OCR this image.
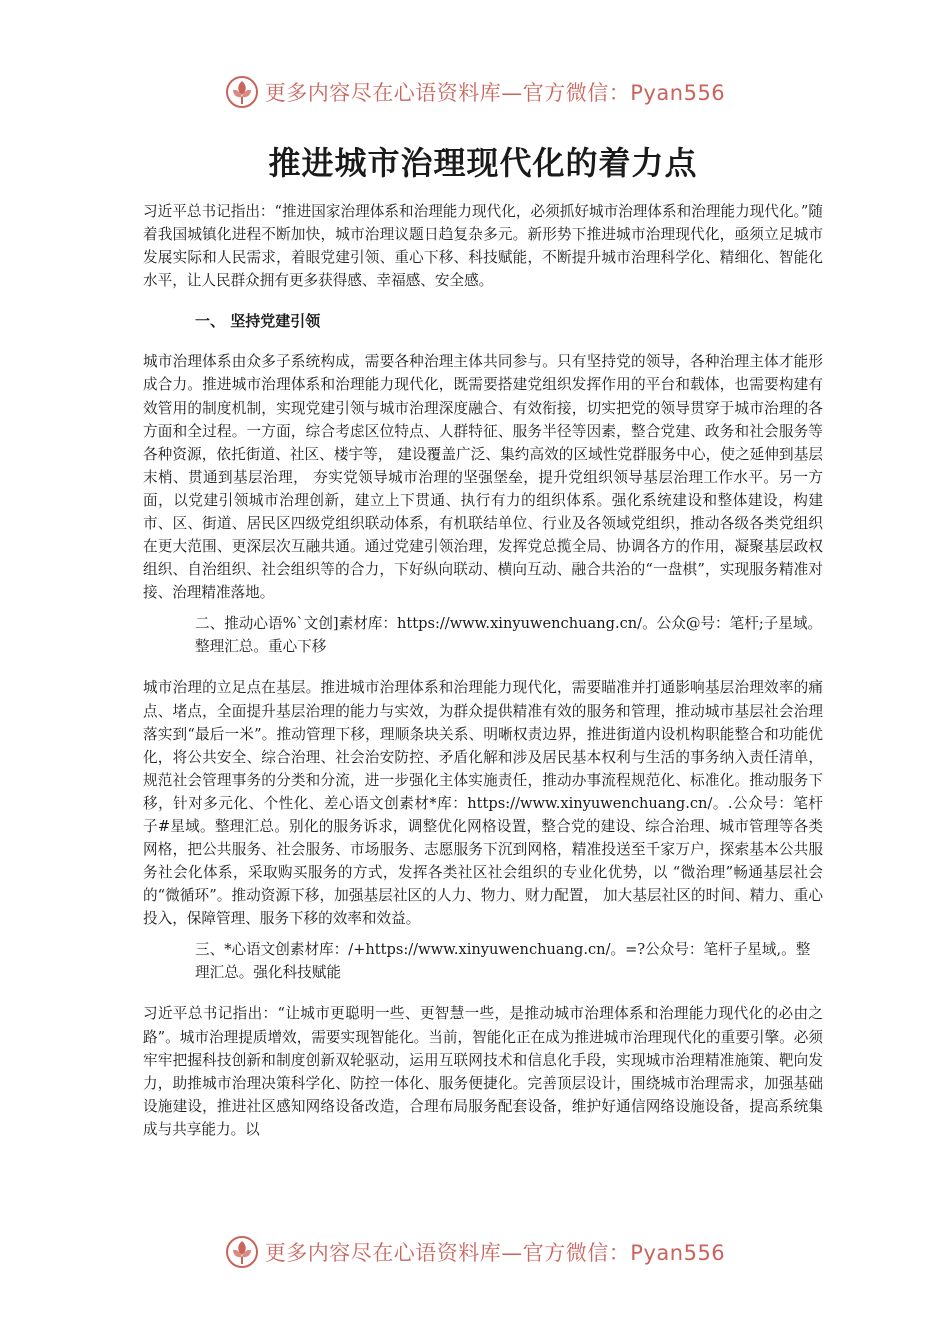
更多内容尽在心语资料库—官方微信：Pyan556
推进城市治理现代化的着力点

习近平总书记指出：“推进国家治理体系和治理能力现代化，必须抓好城市治理体系和治理能力现代化。”随着我国城镇化进程不断加快，城市治理议题日趋复杂多元。新形势下推进城市治理现代化，亟须立足城市发展实际和人民需求，着眼党建引领、重心下移、科技赋能，不断提升城市治理科学化、精细化、智能化水平，让人民群众拥有更多获得感、幸福感、安全感。

一、 坚持党建引领

城市治理体系由众多子系统构成，需要各种治理主体共同参与。只有坚持党的领导，各种治理主体才能形成合力。推进城市治理体系和治理能力现代化，既需要搭建党组织发挥作用的平台和载体，也需要构建有效管用的制度机制，实现党建引领与城市治理深度融合、有效衔接，切实把党的领导贯穿于城市治理的各方面和全过程。一方面，综合考虑区位特点、人群特征、服务半径等因素，整合党建、政务和社会服务等各种资源，依托街道、社区、楼宇等， 建设覆盖广泛、集约高效的区域性党群服务中心，使之延伸到基层末梢、贯通到基层治理， 夯实党领导城市治理的坚强堡垒，提升党组织领导基层治理工作水平。另一方面，以党建引领城市治理创新，建立上下贯通、执行有力的组织体系。强化系统建设和整体建设，构建市、区、街道、居民区四级党组织联动体系，有机联结单位、行业及各领域党组织，推动各级各类党组织在更大范围、更深层次互融共通。通过党建引领治理，发挥党总揽全局、协调各方的作用，凝聚基层政权组织、自治组织、社会组织等的合力，下好纵向联动、横向互动、融合共治的“一盘棋”，实现服务精准对接、治理精准落地。

二、推动心语%`文创]素材库：https://www.xinyuwenchuang.cn/。公众@号：笔杆;子星域。整理汇总。重心下移

城市治理的立足点在基层。推进城市治理体系和治理能力现代化，需要瞄准并打通影响基层治理效率的痛点、堵点，全面提升基层治理的能力与实效，为群众提供精准有效的服务和管理，推动城市基层社会治理落实到“最后一米”。推动管理下移，理顺条块关系、明晰权责边界，推进街道内设机构职能整合和功能优化，将公共安全、综合治理、社会治安防控、矛盾化解和涉及居民基本权利与生活的事务纳入责任清单，规范社会管理事务的分类和分流，进一步强化主体实施责任，推动办事流程规范化、标准化。推动服务下移，针对多元化、个性化、差心语文创素材*库：https://www.xinyuwenchuang.cn/。.公众号：笔杆子#星域。整理汇总。别化的服务诉求，调整优化网格设置，整合党的建设、综合治理、城市管理等各类网格，把公共服务、社会服务、市场服务、志愿服务下沉到网格，精准投送至千家万户，探索基本公共服务社会化体系，采取购买服务的方式，发挥各类社区社会组织的专业化优势，以 “微治理”畅通基层社会的“微循环”。推动资源下移，加强基层社区的人力、物力、财力配置， 加大基层社区的时间、精力、重心投入，保障管理、服务下移的效率和效益。

三、*心语文创素材库：/+https://www.xinyuwenchuang.cn/。=?公众号：笔杆子星域,。整理汇总。强化科技赋能

习近平总书记指出：“让城市更聪明一些、更智慧一些，是推动城市治理体系和治理能力现代化的必由之路”。城市治理提质增效，需要实现智能化。当前，智能化正在成为推进城市治理现代化的重要引擎。必须牢牢把握科技创新和制度创新双轮驱动，运用互联网技术和信息化手段，实现城市治理精准施策、靶向发力，助推城市治理决策科学化、防控一体化、服务便捷化。完善顶层设计，围绕城市治理需求，加强基础设施建设，推进社区感知网络设备改造，合理布局服务配套设备，维护好通信网络设施设备，提高系统集成与共享能力。以

更多内容尽在心语资料库—官方微信：Pyan556
